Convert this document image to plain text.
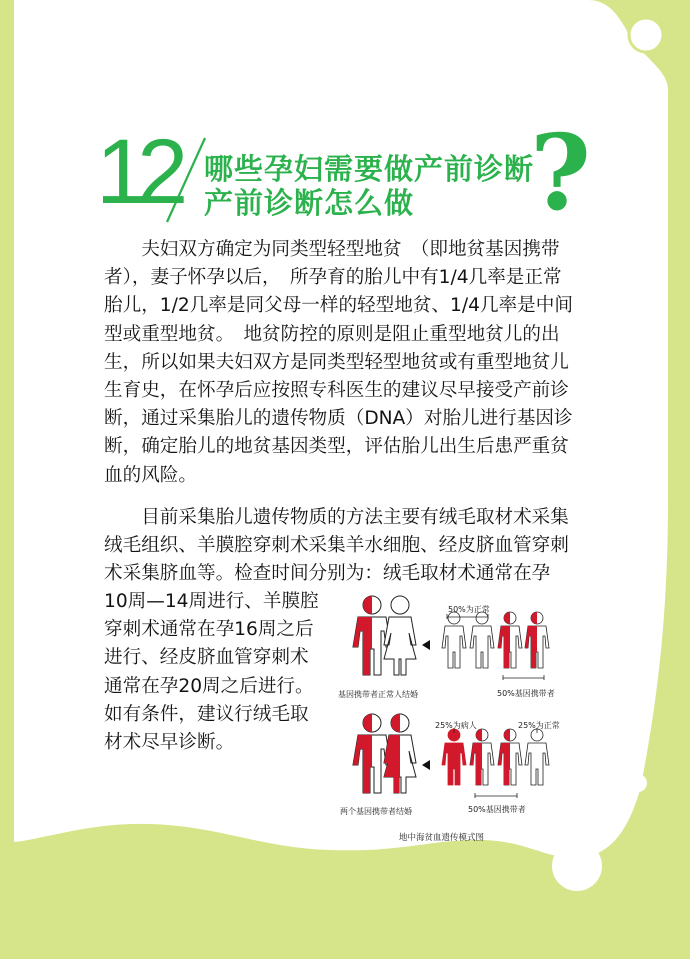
12 哪些孕妇需要做产前诊断
产前诊断怎么做 ?
　　夫妇双方确定为同类型轻型地贫　（即地贫基因携带
者），妻子怀孕以后，　所孕育的胎儿中有1/4几率是正常
胎儿，1/2几率是同父母一样的轻型地贫、1/4几率是中间
型或重型地贫。　地贫防控的原则是阻止重型地贫儿的出
生，所以如果夫妇双方是同类型轻型地贫或有重型地贫儿
生育史，在怀孕后应按照专科医生的建议尽早接受产前诊
断，通过采集胎儿的遗传物质（DNA）对胎儿进行基因诊
断，确定胎儿的地贫基因类型，评估胎儿出生后患严重贫
血的风险。
　　目前采集胎儿遗传物质的方法主要有绒毛取材术采集
绒毛组织、羊膜腔穿刺术采集羊水细胞、经皮脐血管穿刺
术采集脐血等。检查时间分别为：绒毛取材术通常在孕
10周—14周进行、羊膜腔
穿刺术通常在孕16周之后
进行、经皮脐血管穿刺术
通常在孕20周之后进行。
如有条件，建议行绒毛取
材术尽早诊断。
50%为正常
基因携带者正常人结婚	50%基因携带者
25%为病人	25%为正常
两个基因携带者结婚	50%基因携带者
地中海贫血遗传模式图
